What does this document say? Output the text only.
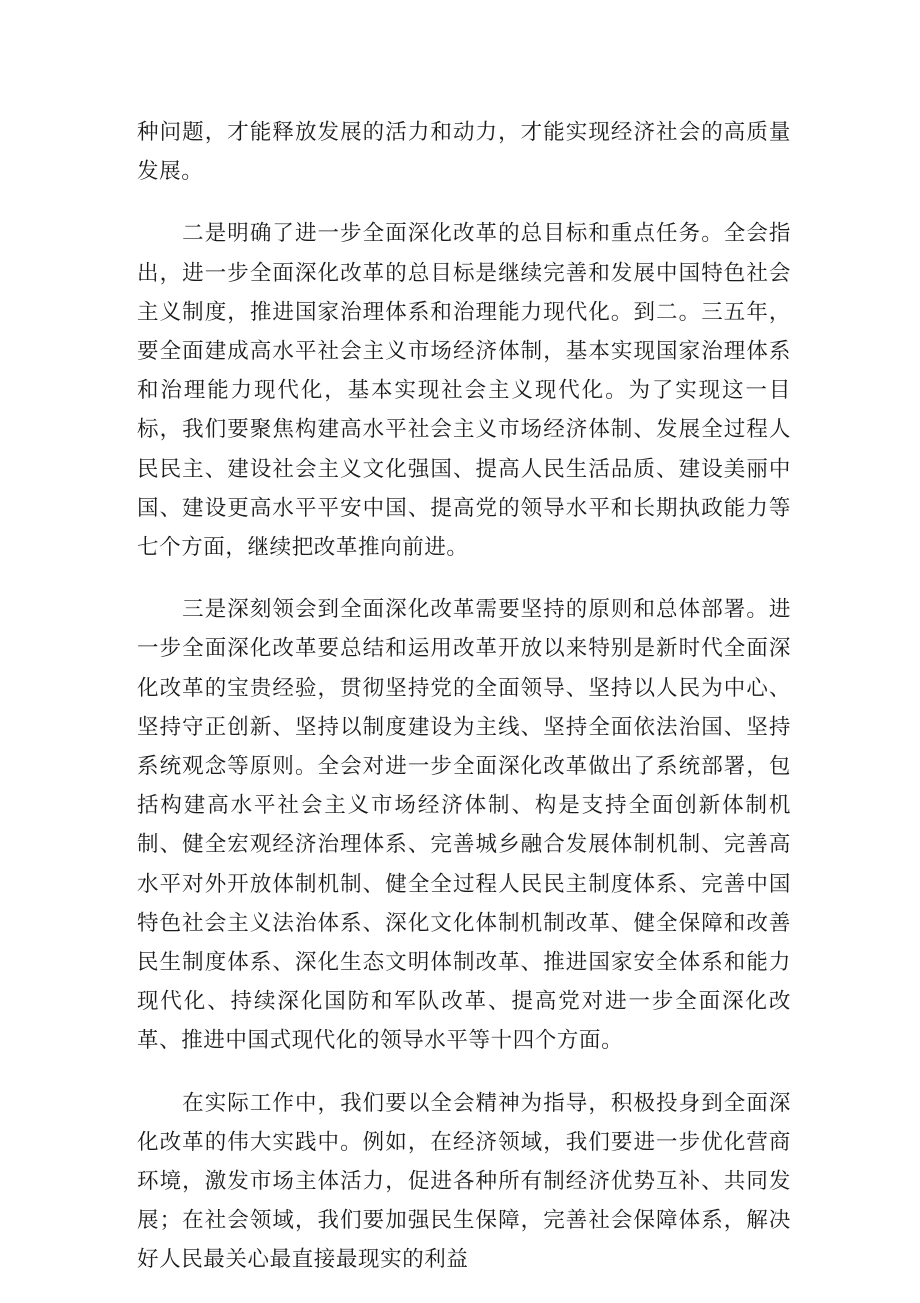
种问题，才能释放发展的活力和动力，才能实现经济社会的高质量发展。

二是明确了进一步全面深化改革的总目标和重点任务。全会指出，进一步全面深化改革的总目标是继续完善和发展中国特色社会主义制度，推进国家治理体系和治理能力现代化。到二。三五年，要全面建成高水平社会主义市场经济体制，基本实现国家治理体系和治理能力现代化，基本实现社会主义现代化。为了实现这一目标，我们要聚焦构建高水平社会主义市场经济体制、发展全过程人民民主、建设社会主义文化强国、提高人民生活品质、建设美丽中国、建设更高水平平安中国、提高党的领导水平和长期执政能力等七个方面，继续把改革推向前进。

三是深刻领会到全面深化改革需要坚持的原则和总体部署。进一步全面深化改革要总结和运用改革开放以来特别是新时代全面深化改革的宝贵经验，贯彻坚持党的全面领导、坚持以人民为中心、坚持守正创新、坚持以制度建设为主线、坚持全面依法治国、坚持系统观念等原则。全会对进一步全面深化改革做出了系统部署，包括构建高水平社会主义市场经济体制、构是支持全面创新体制机制、健全宏观经济治理体系、完善城乡融合发展体制机制、完善高水平对外开放体制机制、健全全过程人民民主制度体系、完善中国特色社会主义法治体系、深化文化体制机制改革、健全保障和改善民生制度体系、深化生态文明体制改革、推进国家安全体系和能力现代化、持续深化国防和军队改革、提高党对进一步全面深化改革、推进中国式现代化的领导水平等十四个方面。

在实际工作中，我们要以全会精神为指导，积极投身到全面深化改革的伟大实践中。例如，在经济领域，我们要进一步优化营商环境，激发市场主体活力，促进各种所有制经济优势互补、共同发展；在社会领域，我们要加强民生保障，完善社会保障体系，解决好人民最关心最直接最现实的利益
